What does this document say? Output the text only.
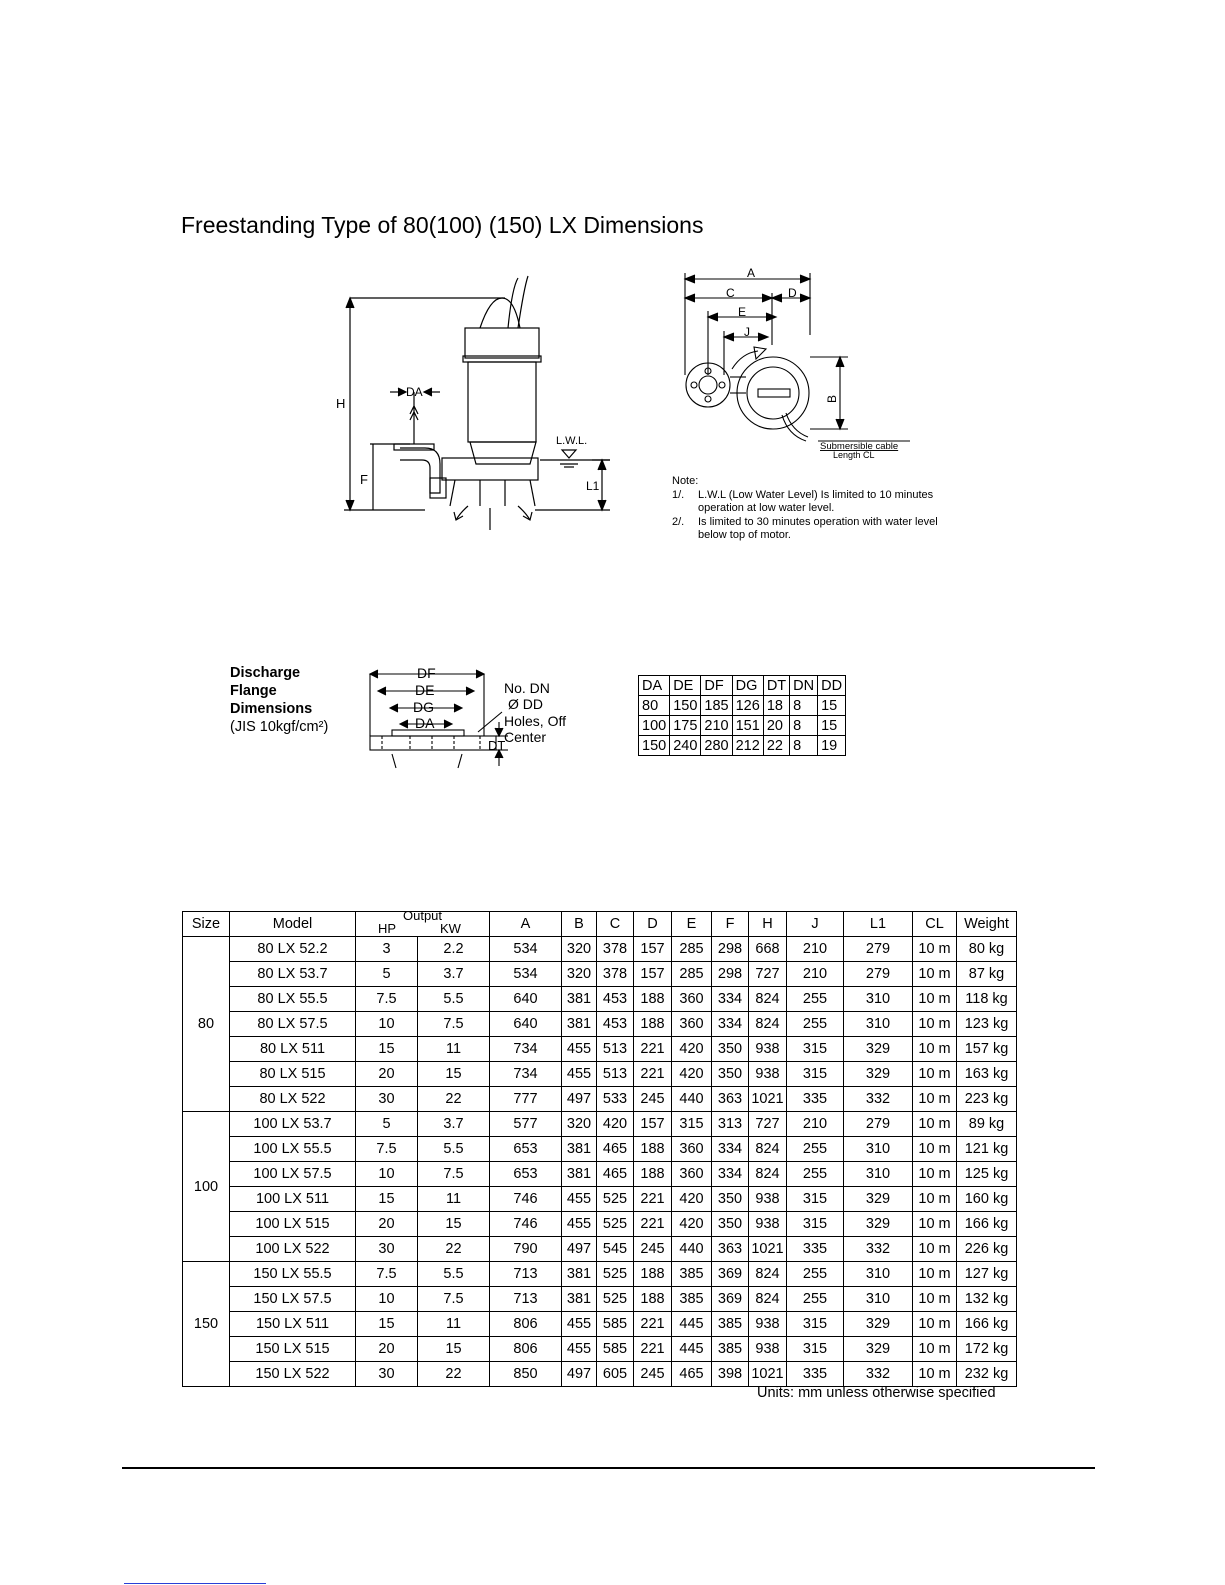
Freestanding Type of 80(100) (150) LX Dimensions
H
DA
F
L.W.L.
L1
A
C	D
E
J
B
Submersible cable
Length CL
Note:
1/.	L.W.L (Low Water Level) Is limited to 10 minutes operation at low water level.
2/.	Is limited to 30 minutes operation with water level below top of motor.
Discharge
Flange
Dimensions
(JIS 10kgf/cm²)
DF
DE
DG
DA
No. DN
Ø DD
Holes, Off
Center
DT
DA	DE	DF	DG	DT	DN	DD
80	150	185	126	18	8	15
100	175	210	151	20	8	15
150	240	280	212	22	8	19
Size	Model	Output
HP KW		A	B	C	D	E	F	H	J	L1	CL	Weight
80	80 LX 52.2	3	2.2	534	320	378	157	285	298	668	210	279	10 m	80 kg
	80 LX 53.7	5	3.7	534	320	378	157	285	298	727	210	279	10 m	87 kg
	80 LX 55.5	7.5	5.5	640	381	453	188	360	334	824	255	310	10 m	118 kg
	80 LX 57.5	10	7.5	640	381	453	188	360	334	824	255	310	10 m	123 kg
	80 LX 511	15	11	734	455	513	221	420	350	938	315	329	10 m	157 kg
	80 LX 515	20	15	734	455	513	221	420	350	938	315	329	10 m	163 kg
	80 LX 522	30	22	777	497	533	245	440	363	1021	335	332	10 m	223 kg
100	100 LX 53.7	5	3.7	577	320	420	157	315	313	727	210	279	10 m	89 kg
	100 LX 55.5	7.5	5.5	653	381	465	188	360	334	824	255	310	10 m	121 kg
	100 LX 57.5	10	7.5	653	381	465	188	360	334	824	255	310	10 m	125 kg
	100 LX 511	15	11	746	455	525	221	420	350	938	315	329	10 m	160 kg
	100 LX 515	20	15	746	455	525	221	420	350	938	315	329	10 m	166 kg
	100 LX 522	30	22	790	497	545	245	440	363	1021	335	332	10 m	226 kg
150	150 LX 55.5	7.5	5.5	713	381	525	188	385	369	824	255	310	10 m	127 kg
	150 LX 57.5	10	7.5	713	381	525	188	385	369	824	255	310	10 m	132 kg
	150 LX 511	15	11	806	455	585	221	445	385	938	315	329	10 m	166 kg
	150 LX 515	20	15	806	455	585	221	445	385	938	315	329	10 m	172 kg
	150 LX 522	30	22	850	497	605	245	465	398	1021	335	332	10 m	232 kg
Units: mm unless otherwise specified
